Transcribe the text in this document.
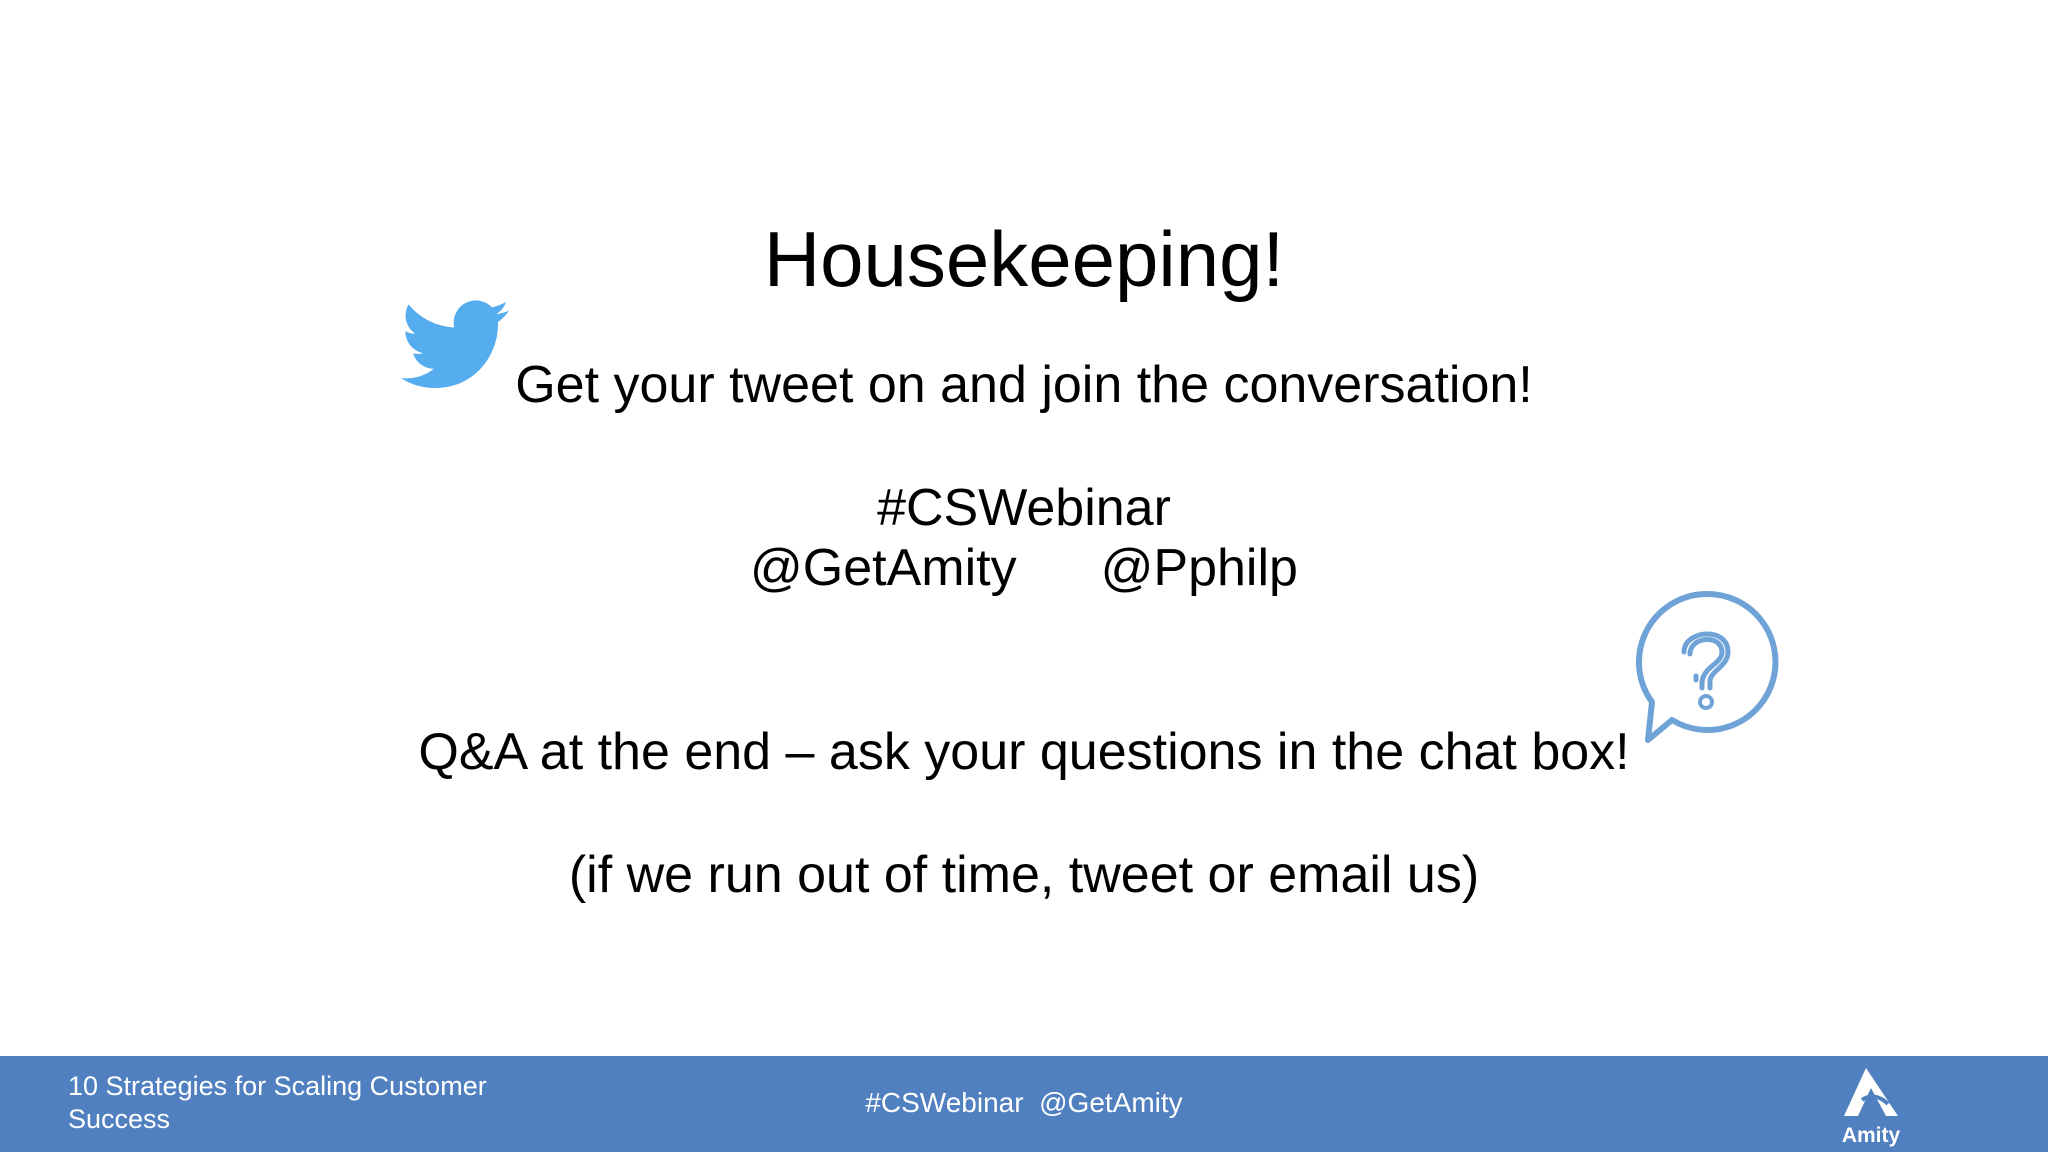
Housekeeping!
Get your tweet on and join the conversation!
#CSWebinar
@GetAmity @Pphilp
Q&A at the end – ask your questions in the chat box!
(if we run out of time, tweet or email us)
10 Strategies for Scaling Customer Success
#CSWebinar  @GetAmity
Amity
